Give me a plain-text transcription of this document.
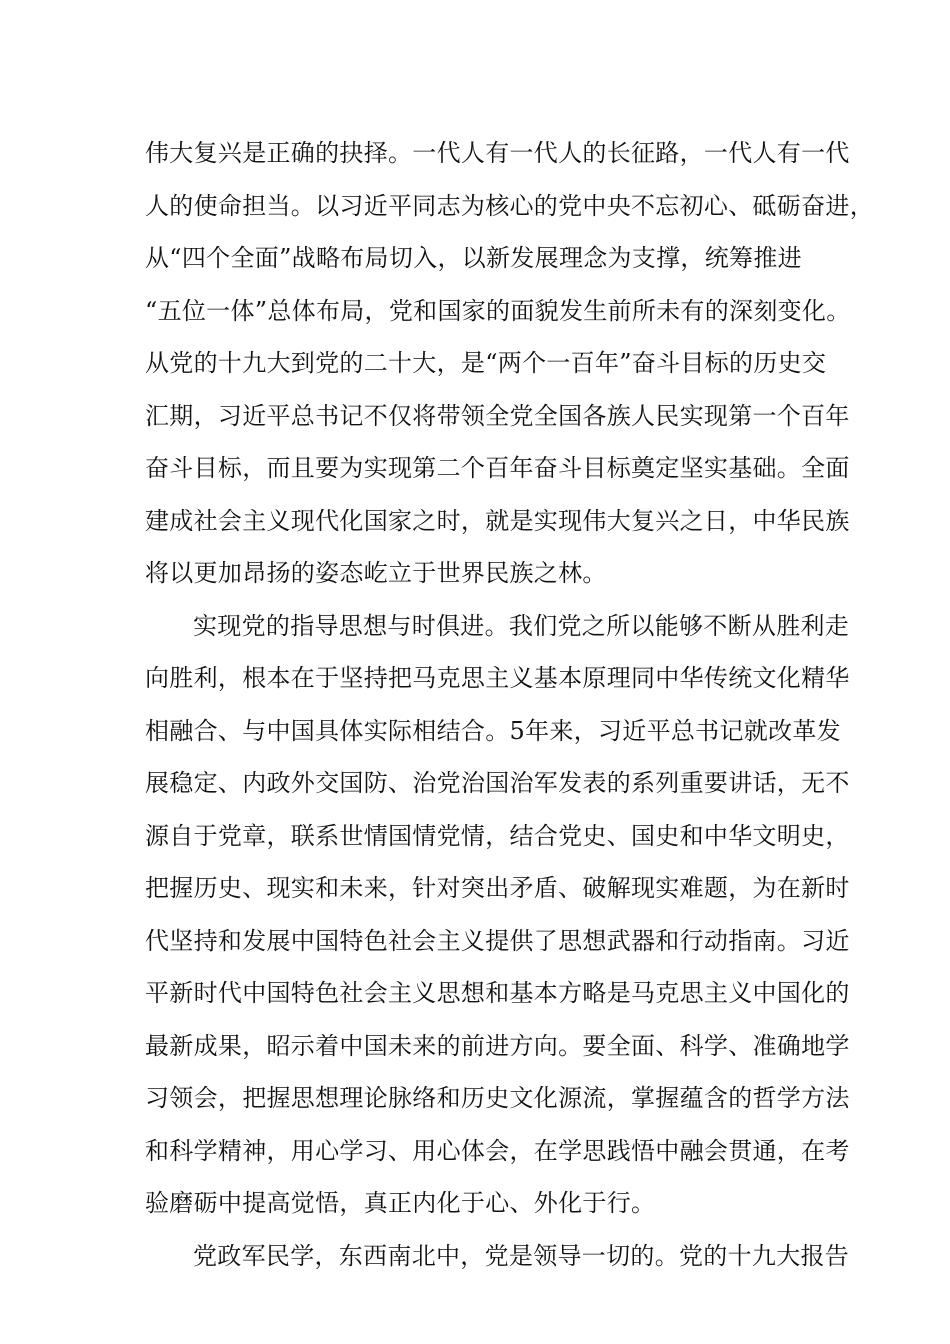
伟大复兴是正确的抉择。一代人有一代人的长征路，一代人有一代
人的使命担当。以习近平同志为核心的党中央不忘初心、砥砺奋进，
从“四个全面”战略布局切入，以新发展理念为支撑，统筹推进
“五位一体”总体布局，党和国家的面貌发生前所未有的深刻变化。
从党的十九大到党的二十大，是“两个一百年”奋斗目标的历史交
汇期，习近平总书记不仅将带领全党全国各族人民实现第一个百年
奋斗目标，而且要为实现第二个百年奋斗目标奠定坚实基础。全面
建成社会主义现代化国家之时，就是实现伟大复兴之日，中华民族
将以更加昂扬的姿态屹立于世界民族之林。
实现党的指导思想与时俱进。我们党之所以能够不断从胜利走
向胜利，根本在于坚持把马克思主义基本原理同中华传统文化精华
相融合、与中国具体实际相结合。5年来，习近平总书记就改革发
展稳定、内政外交国防、治党治国治军发表的系列重要讲话，无不
源自于党章，联系世情国情党情，结合党史、国史和中华文明史，
把握历史、现实和未来，针对突出矛盾、破解现实难题，为在新时
代坚持和发展中国特色社会主义提供了思想武器和行动指南。习近
平新时代中国特色社会主义思想和基本方略是马克思主义中国化的
最新成果，昭示着中国未来的前进方向。要全面、科学、准确地学
习领会，把握思想理论脉络和历史文化源流，掌握蕴含的哲学方法
和科学精神，用心学习、用心体会，在学思践悟中融会贯通，在考
验磨砺中提高觉悟，真正内化于心、外化于行。
党政军民学，东西南北中，党是领导一切的。党的十九大报告
